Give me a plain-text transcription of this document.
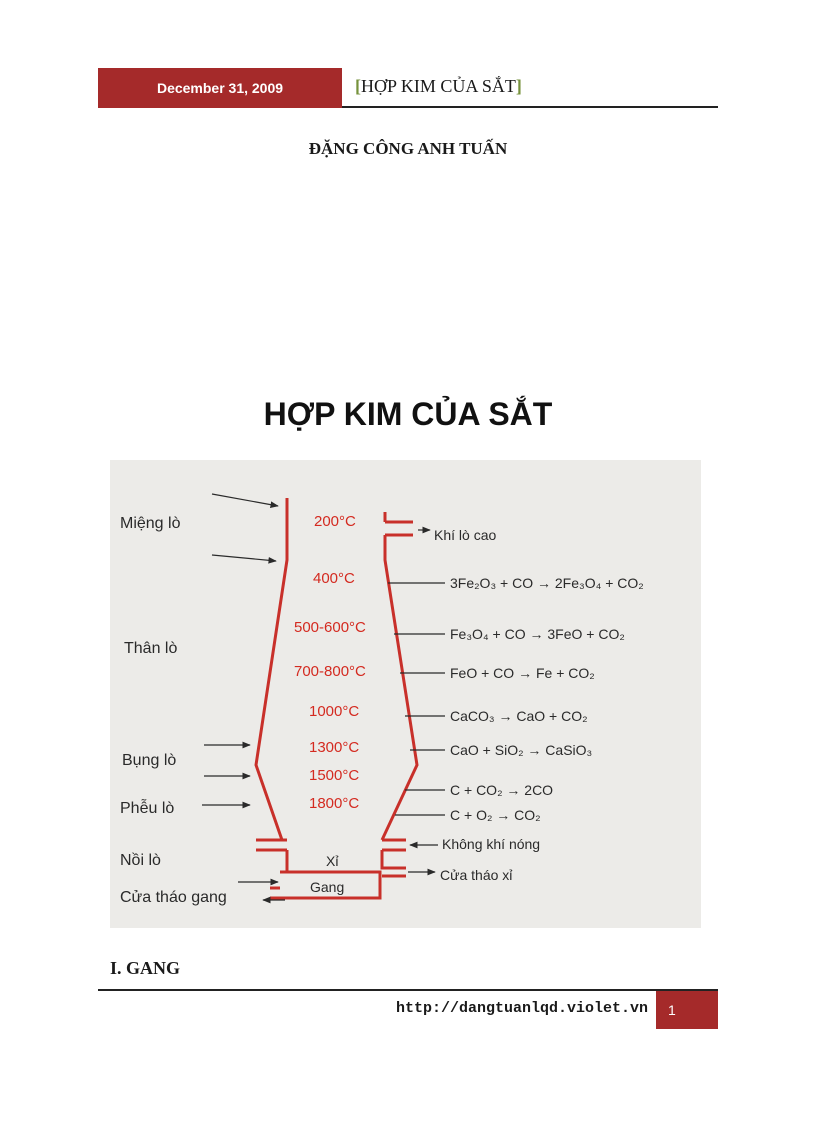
December 31, 2009	[HỢP KIM CỦA SẮT]
ĐẶNG CÔNG ANH TUẤN
HỢP KIM CỦA SẮT
Miệng lò
Thân lò
Bụng lò
Phễu lò
Nồi lò
Cửa tháo gang
200°C
400°C
500-600°C
700-800°C
1000°C
1300°C
1500°C
1800°C
Khí lò cao
Không khí nóng
Cửa tháo xỉ
3Fe₂O₃ + CO → 2Fe₃O₄ + CO₂
Fe₃O₄ + CO → 3FeO + CO₂
FeO + CO → Fe + CO₂
CaCO₃ → CaO + CO₂
CaO + SiO₂ → CaSiO₃
C + CO₂ → 2CO
C + O₂ → CO₂
Xỉ
Gang
I. GANG
http://dangtuanlqd.violet.vn	1
